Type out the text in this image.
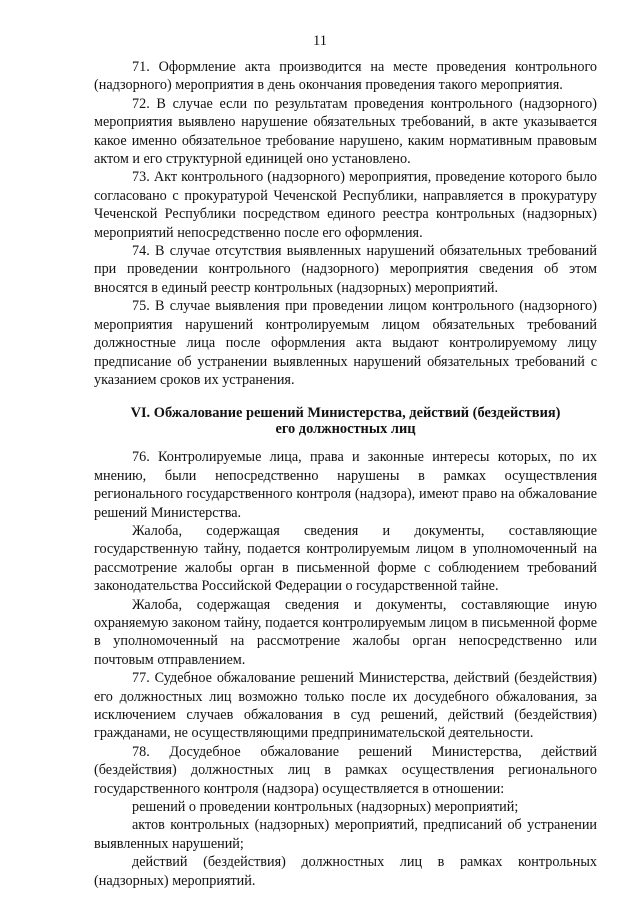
11

71. Оформление акта производится на месте проведения контрольного (надзорного) мероприятия в день окончания проведения такого мероприятия.

72. В случае если по результатам проведения контрольного (надзорного) мероприятия выявлено нарушение обязательных требований, в акте указывается какое именно обязательное требование нарушено, каким нормативным правовым актом и его структурной единицей оно установлено.

73. Акт контрольного (надзорного) мероприятия, проведение которого было согласовано с прокуратурой Чеченской Республики, направляется в прокуратуру Чеченской Республики посредством единого реестра контрольных (надзорных) мероприятий непосредственно после его оформления.

74. В случае отсутствия выявленных нарушений обязательных требований при проведении контрольного (надзорного) мероприятия сведения об этом вносятся в единый реестр контрольных (надзорных) мероприятий.

75. В случае выявления при проведении лицом контрольного (надзорного) мероприятия нарушений контролируемым лицом обязательных требований должностные лица после оформления акта выдают контролируемому лицу предписание об устранении выявленных нарушений обязательных требований с указанием сроков их устранения.

VI. Обжалование решений Министерства, действий (бездействия)
его должностных лиц

76. Контролируемые лица, права и законные интересы которых, по их мнению, были непосредственно нарушены в рамках осуществления регионального государственного контроля (надзора), имеют право на обжалование решений Министерства.

Жалоба, содержащая сведения и документы, составляющие государственную тайну, подается контролируемым лицом в уполномоченный на рассмотрение жалобы орган в письменной форме с соблюдением требований законодательства Российской Федерации о государственной тайне.

Жалоба, содержащая сведения и документы, составляющие иную охраняемую законом тайну, подается контролируемым лицом в письменной форме в уполномоченный на рассмотрение жалобы орган непосредственно или почтовым отправлением.

77. Судебное обжалование решений Министерства, действий (бездействия) его должностных лиц возможно только после их досудебного обжалования, за исключением случаев обжалования в суд решений, действий (бездействия) гражданами, не осуществляющими предпринимательской деятельности.

78. Досудебное обжалование решений Министерства, действий (бездействия) должностных лиц в рамках осуществления регионального государственного контроля (надзора) осуществляется в отношении:

решений о проведении контрольных (надзорных) мероприятий;

актов контрольных (надзорных) мероприятий, предписаний об устранении выявленных нарушений;

действий (бездействия) должностных лиц в рамках контрольных (надзорных) мероприятий.
